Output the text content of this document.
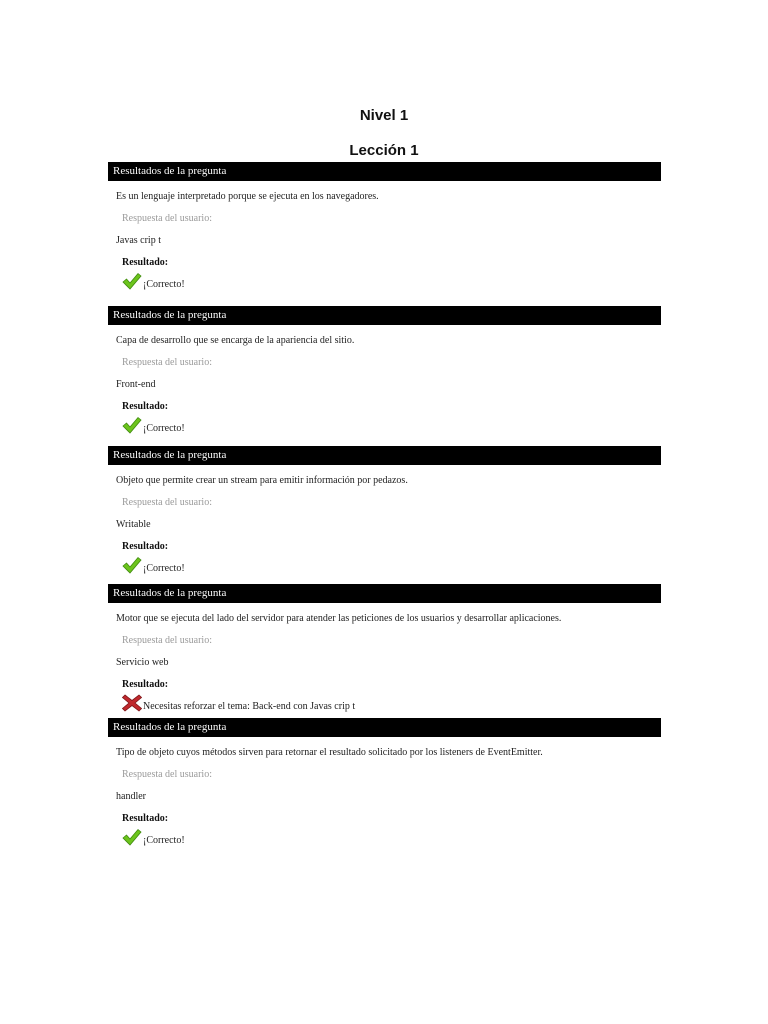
Nivel 1
Lección 1
Resultados de la pregunta
Es un lenguaje interpretado porque se ejecuta en los navegadores.
Respuesta del usuario:
Javas crip t
Resultado:
¡Correcto!
Resultados de la pregunta
Capa de desarrollo que se encarga de la apariencia del sitio.
Respuesta del usuario:
Front-end
Resultado:
¡Correcto!
Resultados de la pregunta
Objeto que permite crear un stream para emitir información por pedazos.
Respuesta del usuario:
Writable
Resultado:
¡Correcto!
Resultados de la pregunta
Motor que se ejecuta del lado del servidor para atender las peticiones de los usuarios y desarrollar aplicaciones.
Respuesta del usuario:
Servicio web
Resultado:
Necesitas reforzar el tema: Back-end con Javas crip t
Resultados de la pregunta
Tipo de objeto cuyos métodos sirven para retornar el resultado solicitado por los listeners de EventEmitter.
Respuesta del usuario:
handler
Resultado:
¡Correcto!
